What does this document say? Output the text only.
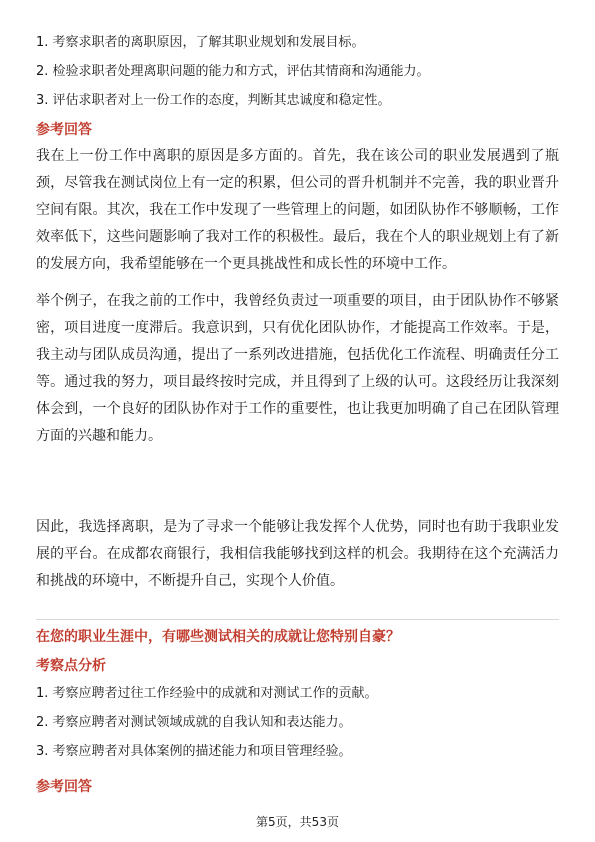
1. 考察求职者的离职原因，了解其职业规划和发展目标。
2. 检验求职者处理离职问题的能力和方式，评估其情商和沟通能力。
3. 评估求职者对上一份工作的态度，判断其忠诚度和稳定性。
参考回答
我在上一份工作中离职的原因是多方面的。首先，我在该公司的职业发展遇到了瓶颈，尽管我在测试岗位上有一定的积累，但公司的晋升机制并不完善，我的职业晋升空间有限。其次，我在工作中发现了一些管理上的问题，如团队协作不够顺畅，工作效率低下，这些问题影响了我对工作的积极性。最后，我在个人的职业规划上有了新的发展方向，我希望能够在一个更具挑战性和成长性的环境中工作。
举个例子，在我之前的工作中，我曾经负责过一项重要的项目，由于团队协作不够紧密，项目进度一度滞后。我意识到，只有优化团队协作，才能提高工作效率。于是，我主动与团队成员沟通，提出了一系列改进措施，包括优化工作流程、明确责任分工等。通过我的努力，项目最终按时完成，并且得到了上级的认可。这段经历让我深刻体会到，一个良好的团队协作对于工作的重要性，也让我更加明确了自己在团队管理方面的兴趣和能力。
因此，我选择离职，是为了寻求一个能够让我发挥个人优势，同时也有助于我职业发展的平台。在成都农商银行，我相信我能够找到这样的机会。我期待在这个充满活力和挑战的环境中，不断提升自己，实现个人价值。
在您的职业生涯中，有哪些测试相关的成就让您特别自豪？
考察点分析
1. 考察应聘者过往工作经验中的成就和对测试工作的贡献。
2. 考察应聘者对测试领域成就的自我认知和表达能力。
3. 考察应聘者对具体案例的描述能力和项目管理经验。
参考回答
第5页，共53页
